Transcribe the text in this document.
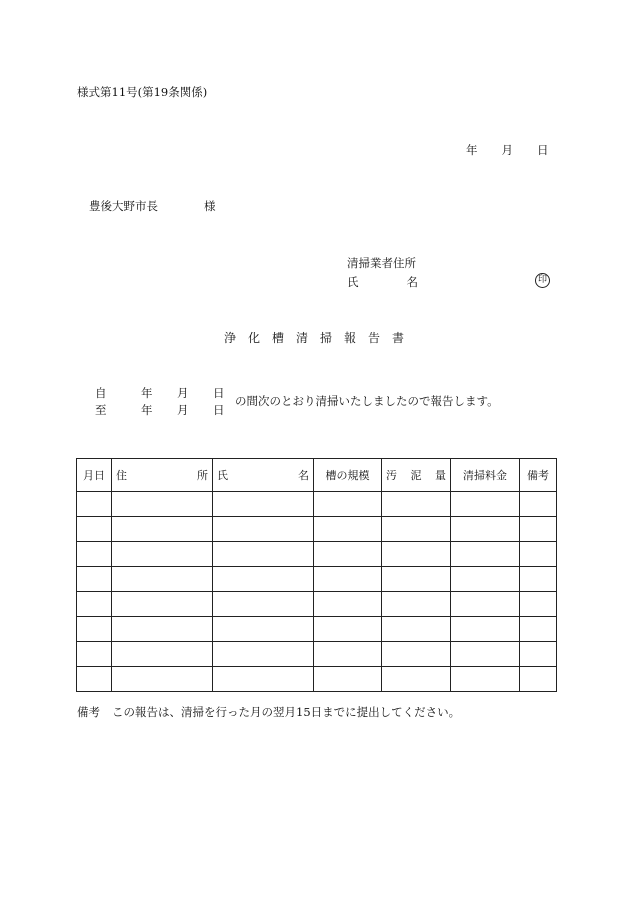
様式第11号(第19条関係)
年 月 日
豊後大野市長	様
清掃業者住所
氏	名	印
浄化槽清掃報告書
自	年 月 日
至	年 月 日
の間次のとおり清掃いたしましたので報告します。
月日	住 所	氏 名	槽の規模	汚 泥 量	清掃料金	備考

備考 この報告は、清掃を行った月の翌月15日までに提出してください。
